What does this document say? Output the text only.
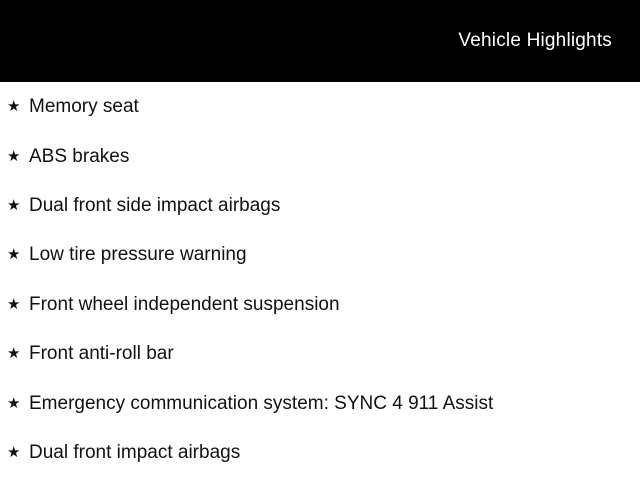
Vehicle Highlights
★ Memory seat
★ ABS brakes
★ Dual front side impact airbags
★ Low tire pressure warning
★ Front wheel independent suspension
★ Front anti-roll bar
★ Emergency communication system: SYNC 4 911 Assist
★ Dual front impact airbags
